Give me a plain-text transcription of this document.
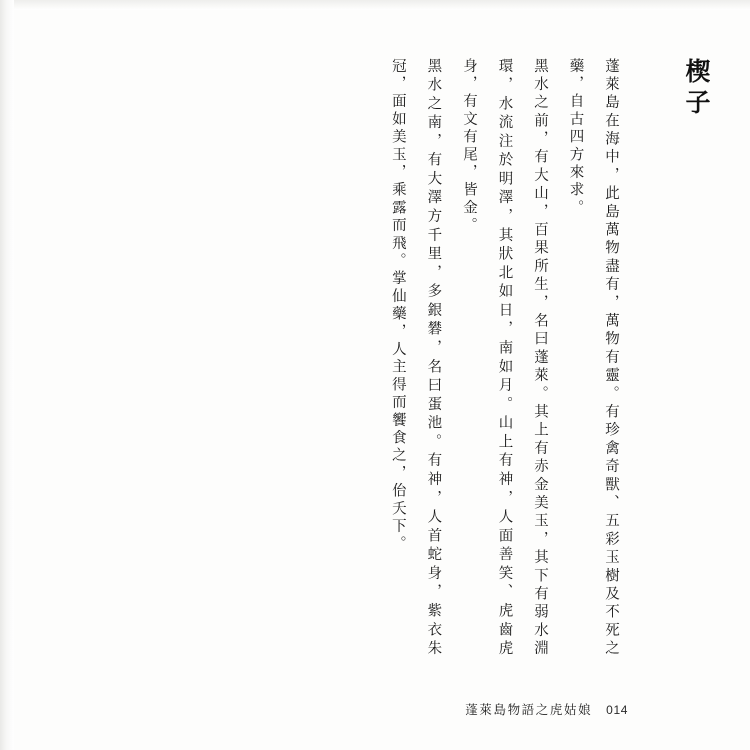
楔子

蓬萊島在海中，此島萬物盡有，萬物有靈。有珍禽奇獸、五彩玉樹及不死之藥，自古四方來求。

黑水之前，有大山，百果所生，名曰蓬萊。其上有赤金美玉，其下有弱水淵環，水流注於明澤，其狀北如日，南如月。山上有神，人面善笑、虎齒虎身，有文有尾，皆金。

黑水之南，有大澤方千里，多銀礬，名曰蛋池。有神，人首蛇身，紫衣朱冠，面如美玉，乘露而飛。掌仙藥，人主得而饗食之，佁夭下。

蓬萊島物語之虎姑娘 014
